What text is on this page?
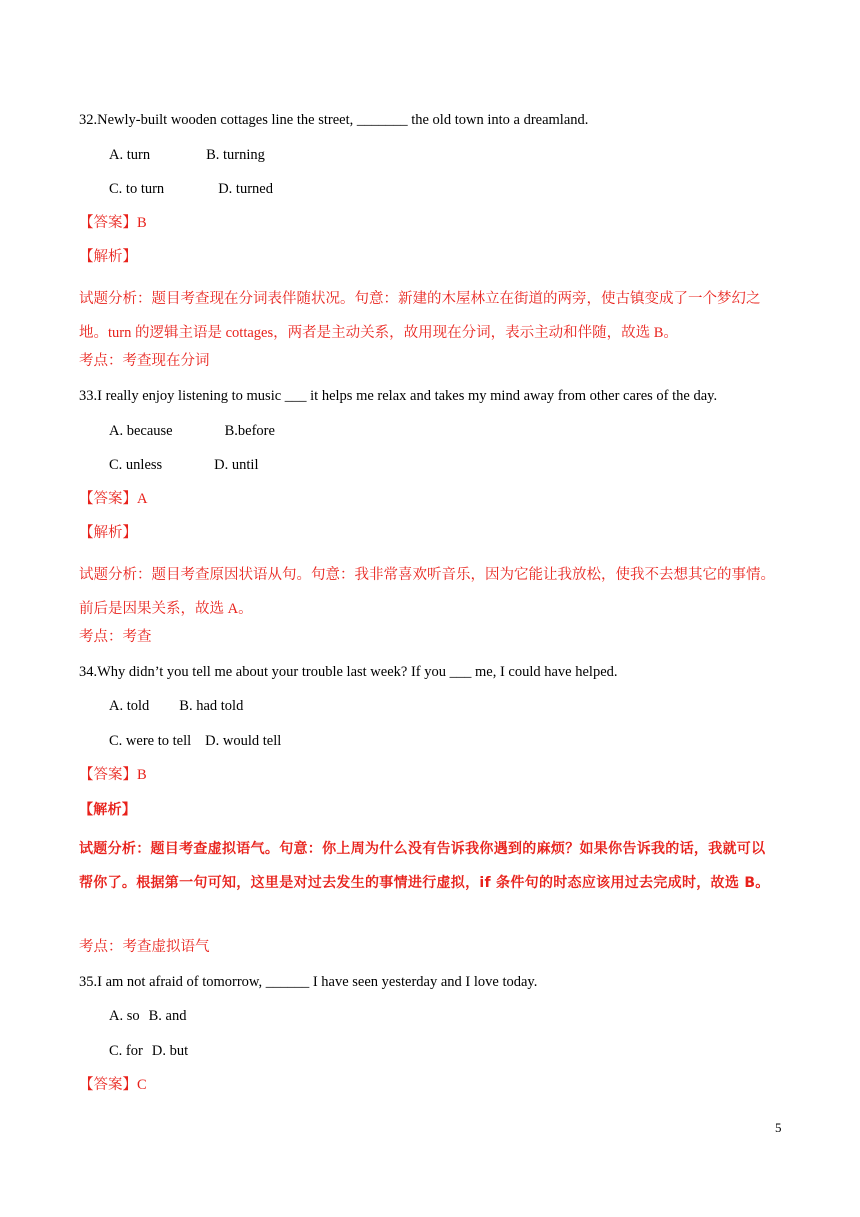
32.Newly-built wooden cottages line the street, _______ the old town into a dreamland.
A. turn	B. turning
C. to turn	D. turned
【答案】B
【解析】
试题分析：题目考查现在分词表伴随状况。句意：新建的木屋林立在街道的两旁，使古镇变成了一个梦幻之地。turn 的逻辑主语是 cottages，两者是主动关系，故用现在分词，表示主动和伴随，故选 B。
考点：考查现在分词
33.I really enjoy listening to music ___ it helps me relax and takes my mind away from other cares of the day.
A. because	B.before
C. unless	D. until
【答案】A
【解析】
试题分析：题目考查原因状语从句。句意：我非常喜欢听音乐，因为它能让我放松，使我不去想其它的事情。前后是因果关系，故选 A。
考点：考查
34.Why didn’t you tell me about your trouble last week? If you ___ me, I could have helped.
A. told B. had told
C. were to tell D. would tell
【答案】B
【解析】
试题分析：题目考查虚拟语气。句意：你上周为什么没有告诉我你遇到的麻烦？如果你告诉我的话，我就可以帮你了。根据第一句可知，这里是对过去发生的事情进行虚拟，if 条件句的时态应该用过去完成时，故选 B。
考点：考查虚拟语气
35.I am not afraid of tomorrow, ______ I have seen yesterday and I love today.
A. so B. and
C. for D. but
【答案】C
5
